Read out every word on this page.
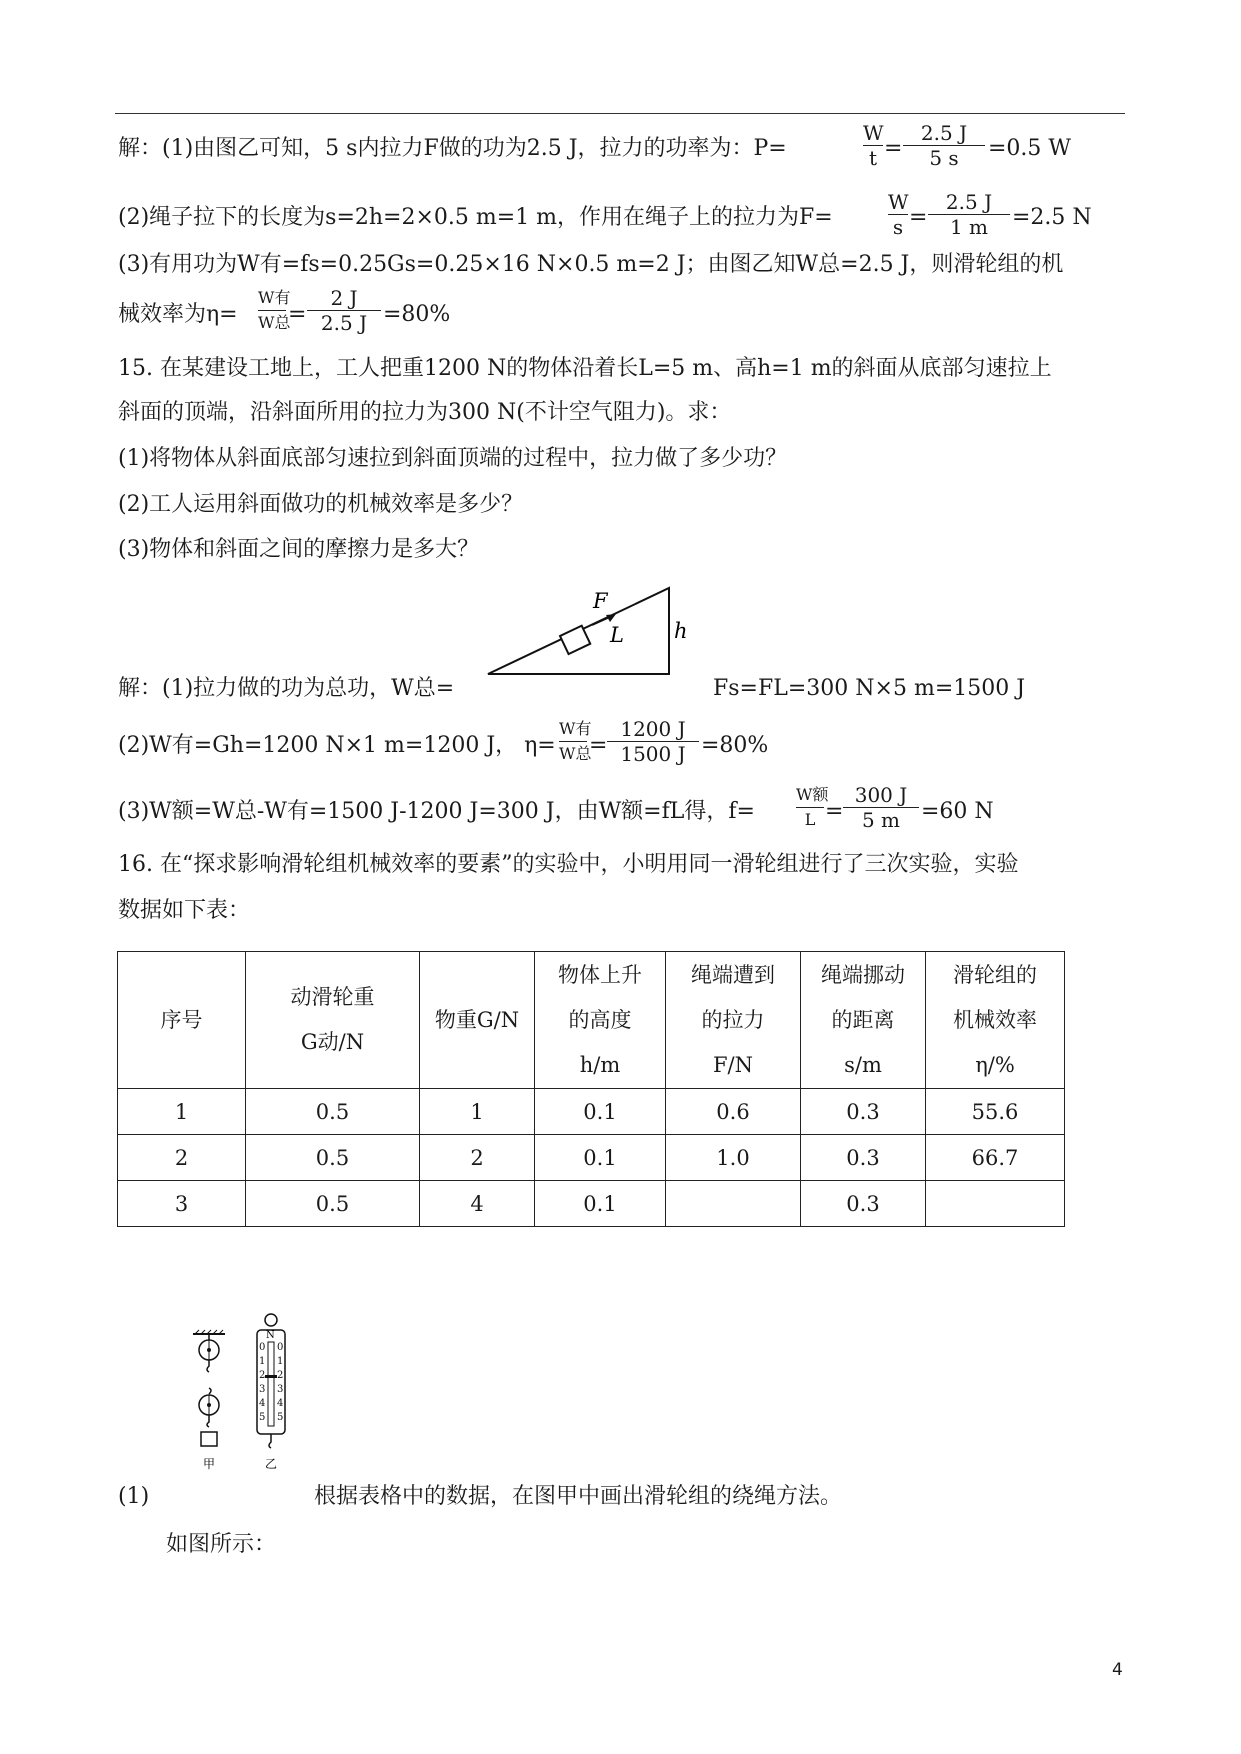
解：(1)由图乙可知，5 s内拉力F做的功为2.5 J，拉力的功率为：P=
W
t =
2.5 J
5 s	=0.5 W
(2)绳子拉下的长度为s=2h=2×0.5 m=1 m，作用在绳子上的拉力为F=
W
s =
2.5 J
1 m	=2.5 N
(3)有用功为W有=fs=0.25Gs=0.25×16 N×0.5 m=2 J；由图乙知W总=2.5 J，则滑轮组的机
械效率为η=
W有
W总
=
2 J
2.5 J =80%
15. 在某建设工地上，工人把重1200 N的物体沿着长L=5 m、高h=1 m的斜面从底部匀速拉上
斜面的顶端，沿斜面所用的拉力为300 N(不计空气阻力)。求：
(1)将物体从斜面底部匀速拉到斜面顶端的过程中，拉力做了多少功？
(2)工人运用斜面做功的机械效率是多少？
(3)物体和斜面之间的摩擦力是多大？
F
L h
解：(1)拉力做的功为总功，W总=	Fs=FL=300 N×5 m=1500 J
(2)W有=Gh=1200 N×1 m=1200 J， η=
W有
W总
=
1200 J
1500 J =80%
(3)W额=W总-W有=1500 J-1200 J=300 J，由W额=fL得，f=
W额
L =
300 J
5 m =60 N
16. 在“探求影响滑轮组机械效率的要素”的实验中，小明用同一滑轮组进行了三次实验，实验
数据如下表：
序号	动滑轮重
G动/N	物重G/N	物体上升
的高度
h/m	绳端遭到
的拉力
F/N	绳端挪动
的距离
s/m	滑轮组的
机械效率
η/%
1	0.5	1	0.1	0.6	0.3	55.6
2	0.5	2	0.1	1.0	0.3	66.7
3	0.5	4	0.1		0.3	
N
0
1
2
3
4
5
0
1
2
3
4
5
甲	乙
(1)	根据表格中的数据，在图甲中画出滑轮组的绕绳方法。
如图所示：
4
